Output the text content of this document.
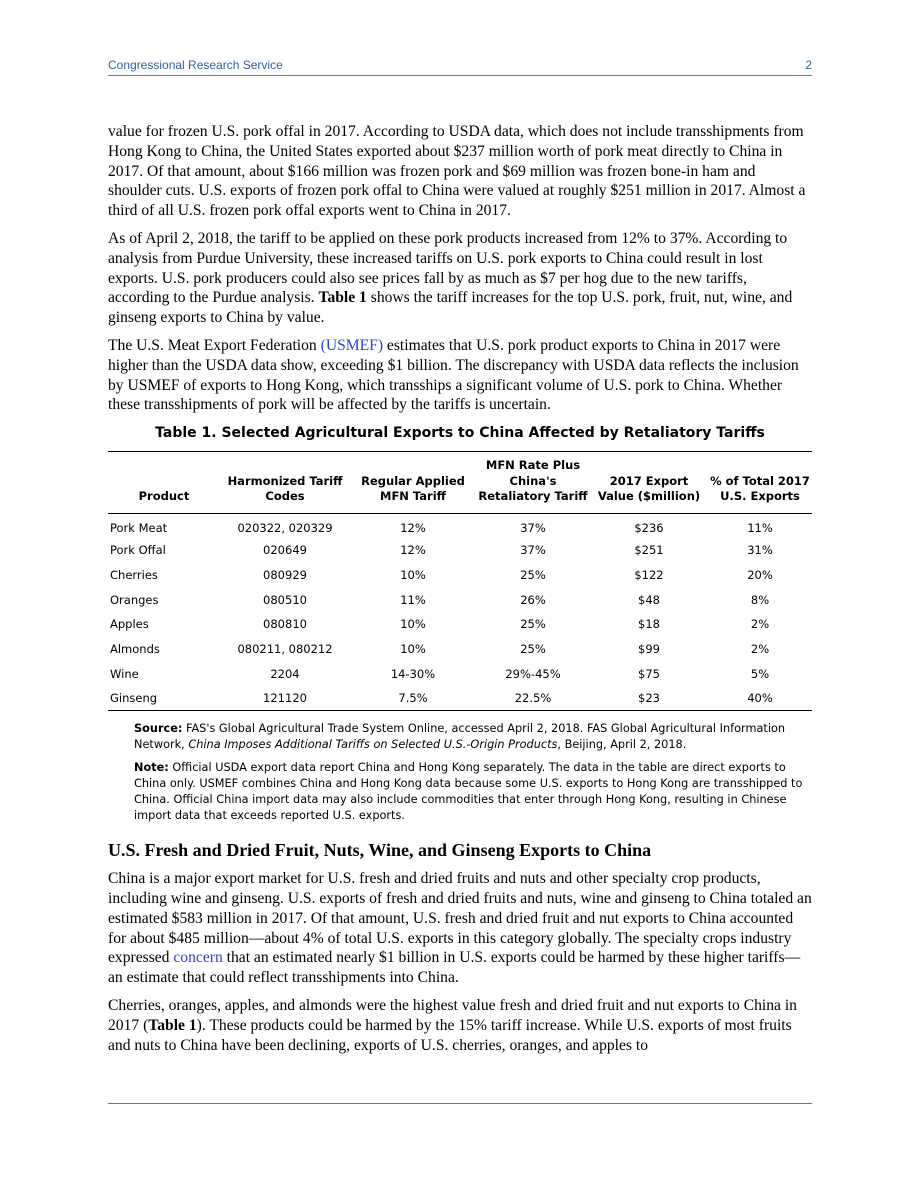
Congressional Research Service	2

value for frozen U.S. pork offal in 2017. According to USDA data, which does not include transshipments from Hong Kong to China, the United States exported about $237 million worth of pork meat directly to China in 2017. Of that amount, about $166 million was frozen pork and $69 million was frozen bone-in ham and shoulder cuts. U.S. exports of frozen pork offal to China were valued at roughly $251 million in 2017. Almost a third of all U.S. frozen pork offal exports went to China in 2017.

As of April 2, 2018, the tariff to be applied on these pork products increased from 12% to 37%. According to analysis from Purdue University, these increased tariffs on U.S. pork exports to China could result in lost exports. U.S. pork producers could also see prices fall by as much as $7 per hog due to the new tariffs, according to the Purdue analysis. Table 1 shows the tariff increases for the top U.S. pork, fruit, nut, wine, and ginseng exports to China by value.

The U.S. Meat Export Federation (USMEF) estimates that U.S. pork product exports to China in 2017 were higher than the USDA data show, exceeding $1 billion. The discrepancy with USDA data reflects the inclusion by USMEF of exports to Hong Kong, which transships a significant volume of U.S. pork to China. Whether these transshipments of pork will be affected by the tariffs is uncertain.

Table 1. Selected Agricultural Exports to China Affected by Retaliatory Tariffs
Product	Harmonized Tariff Codes	Regular Applied MFN Tariff	MFN Rate Plus China's Retaliatory Tariff	2017 Export Value ($million)	% of Total 2017 U.S. Exports
Pork Meat	020322, 020329	12%	37%	$236	11%
Pork Offal	020649	12%	37%	$251	31%
Cherries	080929	10%	25%	$122	20%
Oranges	080510	11%	26%	$48	8%
Apples	080810	10%	25%	$18	2%
Almonds	080211, 080212	10%	25%	$99	2%
Wine	2204	14-30%	29%-45%	$75	5%
Ginseng	121120	7.5%	22.5%	$23	40%

Source: FAS's Global Agricultural Trade System Online, accessed April 2, 2018. FAS Global Agricultural Information Network, China Imposes Additional Tariffs on Selected U.S.-Origin Products, Beijing, April 2, 2018.

Note: Official USDA export data report China and Hong Kong separately. The data in the table are direct exports to China only. USMEF combines China and Hong Kong data because some U.S. exports to Hong Kong are transshipped to China. Official China import data may also include commodities that enter through Hong Kong, resulting in Chinese import data that exceeds reported U.S. exports.

U.S. Fresh and Dried Fruit, Nuts, Wine, and Ginseng Exports to China

China is a major export market for U.S. fresh and dried fruits and nuts and other specialty crop products, including wine and ginseng. U.S. exports of fresh and dried fruits and nuts, wine and ginseng to China totaled an estimated $583 million in 2017. Of that amount, U.S. fresh and dried fruit and nut exports to China accounted for about $485 million—about 4% of total U.S. exports in this category globally. The specialty crops industry expressed concern that an estimated nearly $1 billion in U.S. exports could be harmed by these higher tariffs—an estimate that could reflect transshipments into China.

Cherries, oranges, apples, and almonds were the highest value fresh and dried fruit and nut exports to China in 2017 (Table 1). These products could be harmed by the 15% tariff increase. While U.S. exports of most fruits and nuts to China have been declining, exports of U.S. cherries, oranges, and apples to
